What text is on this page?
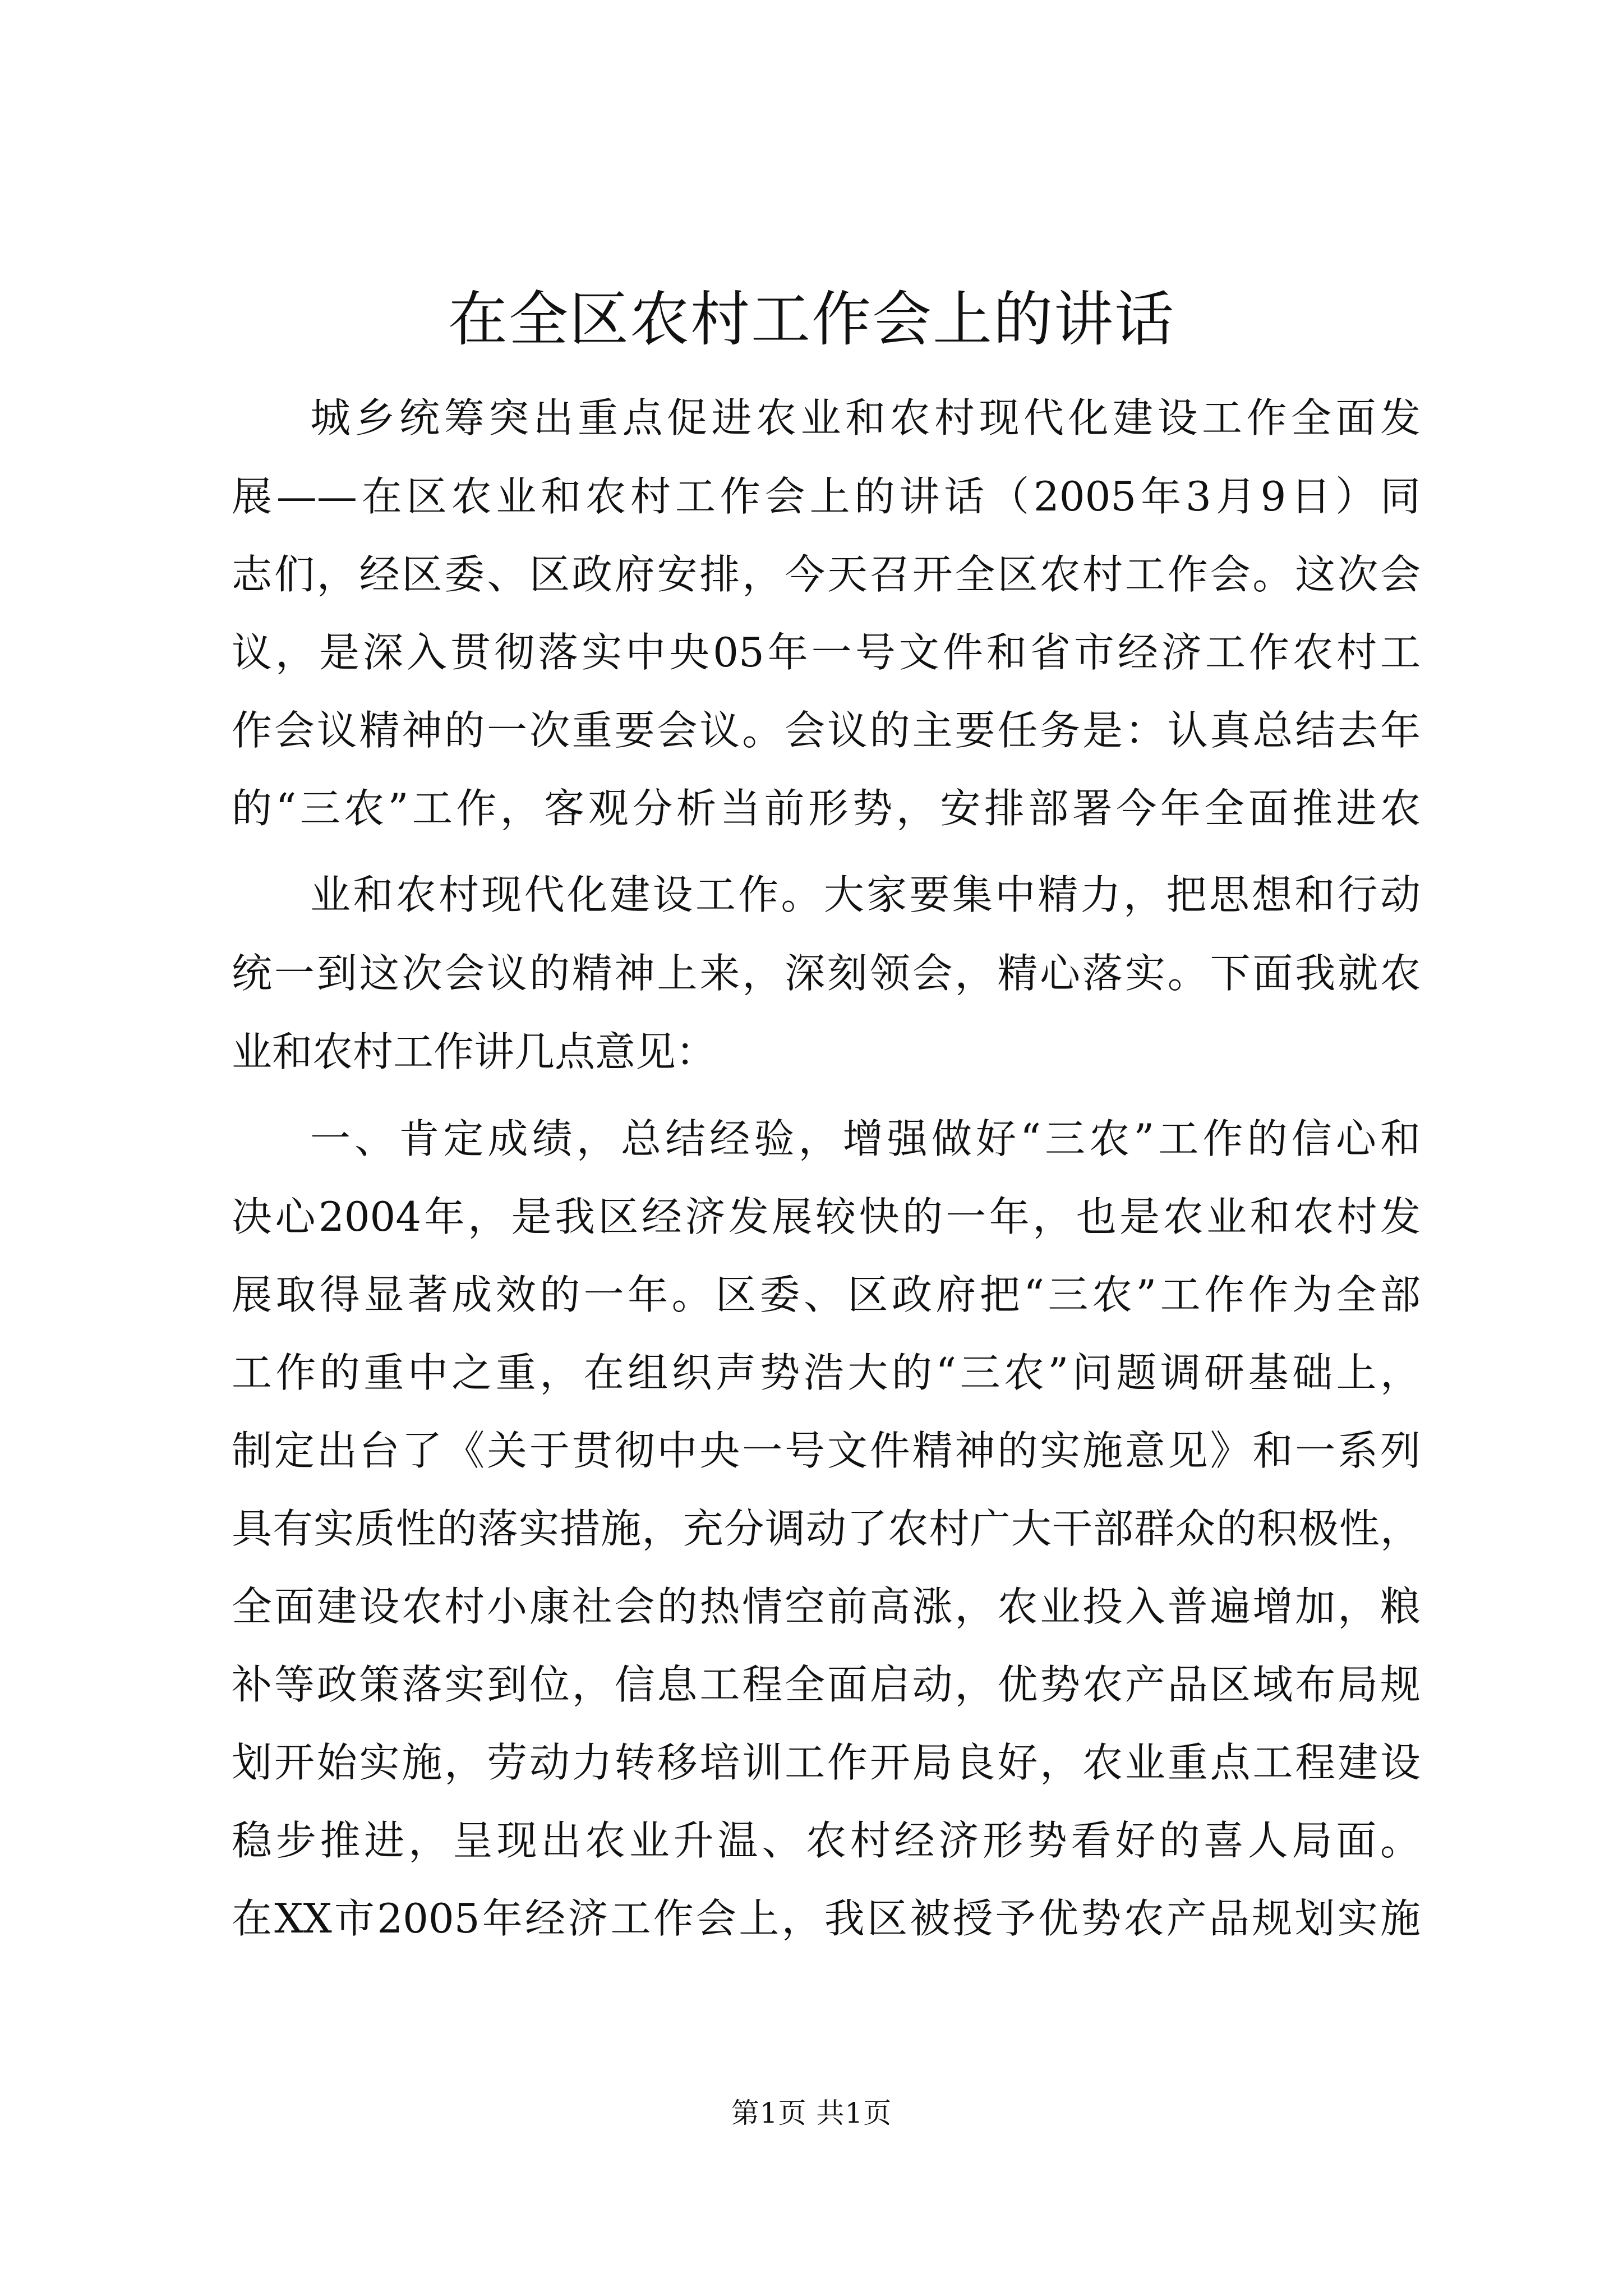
在全区农村工作会上的讲话
城乡统筹突出重点促进农业和农村现代化建设工作全面发
展——在区农业和农村工作会上的讲话（2005年3月9日）同
志们，经区委、区政府安排，今天召开全区农村工作会。这次会
议，是深入贯彻落实中央05年一号文件和省市经济工作农村工
作会议精神的一次重要会议。会议的主要任务是：认真总结去年
的“三农”工作，客观分析当前形势，安排部署今年全面推进农
业和农村现代化建设工作。大家要集中精力，把思想和行动
统一到这次会议的精神上来，深刻领会，精心落实。下面我就农
业和农村工作讲几点意见：
一、肯定成绩，总结经验，增强做好“三农”工作的信心和
决心2004年，是我区经济发展较快的一年，也是农业和农村发
展取得显著成效的一年。区委、区政府把“三农”工作作为全部
工作的重中之重，在组织声势浩大的“三农”问题调研基础上，
制定出台了《关于贯彻中央一号文件精神的实施意见》和一系列
具有实质性的落实措施，充分调动了农村广大干部群众的积极性，
全面建设农村小康社会的热情空前高涨，农业投入普遍增加，粮
补等政策落实到位，信息工程全面启动，优势农产品区域布局规
划开始实施，劳动力转移培训工作开局良好，农业重点工程建设
稳步推进，呈现出农业升温、农村经济形势看好的喜人局面。
在XX市2005年经济工作会上，我区被授予优势农产品规划实施
第1页 共1页
